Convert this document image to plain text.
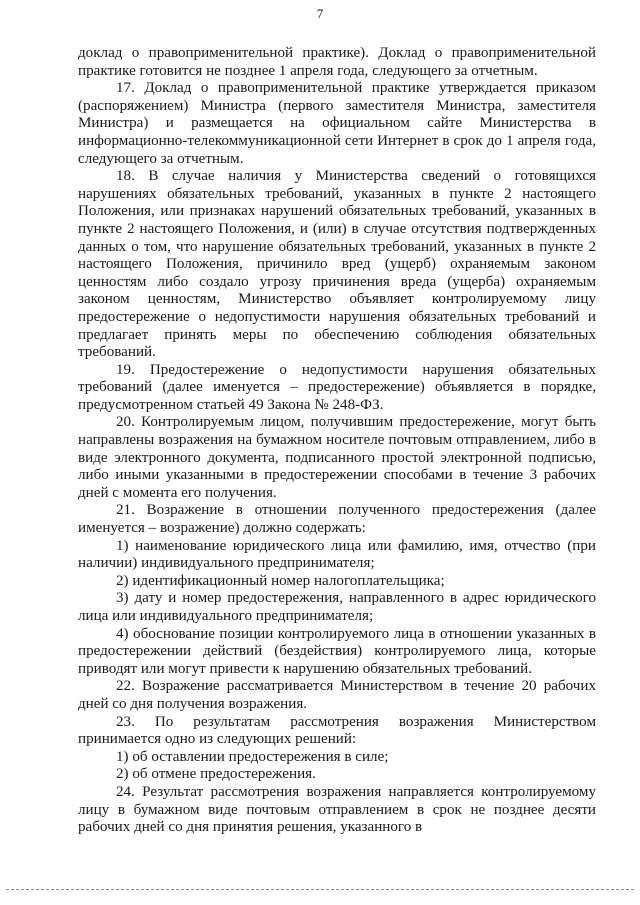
7

доклад о правоприменительной практике). Доклад о правоприменительной практике готовится не позднее 1 апреля года, следующего за отчетным.

17. Доклад о правоприменительной практике утверждается приказом (распоряжением) Министра (первого заместителя Министра, заместителя Министра) и размещается на официальном сайте Министерства в информационно-телекоммуникационной сети Интернет в срок до 1 апреля года, следующего за отчетным.

18. В случае наличия у Министерства сведений о готовящихся нарушениях обязательных требований, указанных в пункте 2 настоящего Положения, или признаках нарушений обязательных требований, указанных в пункте 2 настоящего Положения, и (или) в случае отсутствия подтвержденных данных о том, что нарушение обязательных требований, указанных в пункте 2 настоящего Положения, причинило вред (ущерб) охраняемым законом ценностям либо создало угрозу причинения вреда (ущерба) охраняемым законом ценностям, Министерство объявляет контролируемому лицу предостережение о недопустимости нарушения обязательных требований и предлагает принять меры по обеспечению соблюдения обязательных требований.

19. Предостережение о недопустимости нарушения обязательных требований (далее именуется – предостережение) объявляется в порядке, предусмотренном статьей 49 Закона № 248-ФЗ.

20. Контролируемым лицом, получившим предостережение, могут быть направлены возражения на бумажном носителе почтовым отправлением, либо в виде электронного документа, подписанного простой электронной подписью, либо иными указанными в предостережении способами в течение 3 рабочих дней с момента его получения.

21. Возражение в отношении полученного предостережения (далее именуется – возражение) должно содержать:

1) наименование юридического лица или фамилию, имя, отчество (при наличии) индивидуального предпринимателя;

2) идентификационный номер налогоплательщика;

3) дату и номер предостережения, направленного в адрес юридического лица или индивидуального предпринимателя;

4) обоснование позиции контролируемого лица в отношении указанных в предостережении действий (бездействия) контролируемого лица, которые приводят или могут привести к нарушению обязательных требований.

22. Возражение рассматривается Министерством в течение 20 рабочих дней со дня получения возражения.

23. По результатам рассмотрения возражения Министерством принимается одно из следующих решений:

1) об оставлении предостережения в силе;

2) об отмене предостережения.

24. Результат рассмотрения возражения направляется контролируемому лицу в бумажном виде почтовым отправлением в срок не позднее десяти рабочих дней со дня принятия решения, указанного в
